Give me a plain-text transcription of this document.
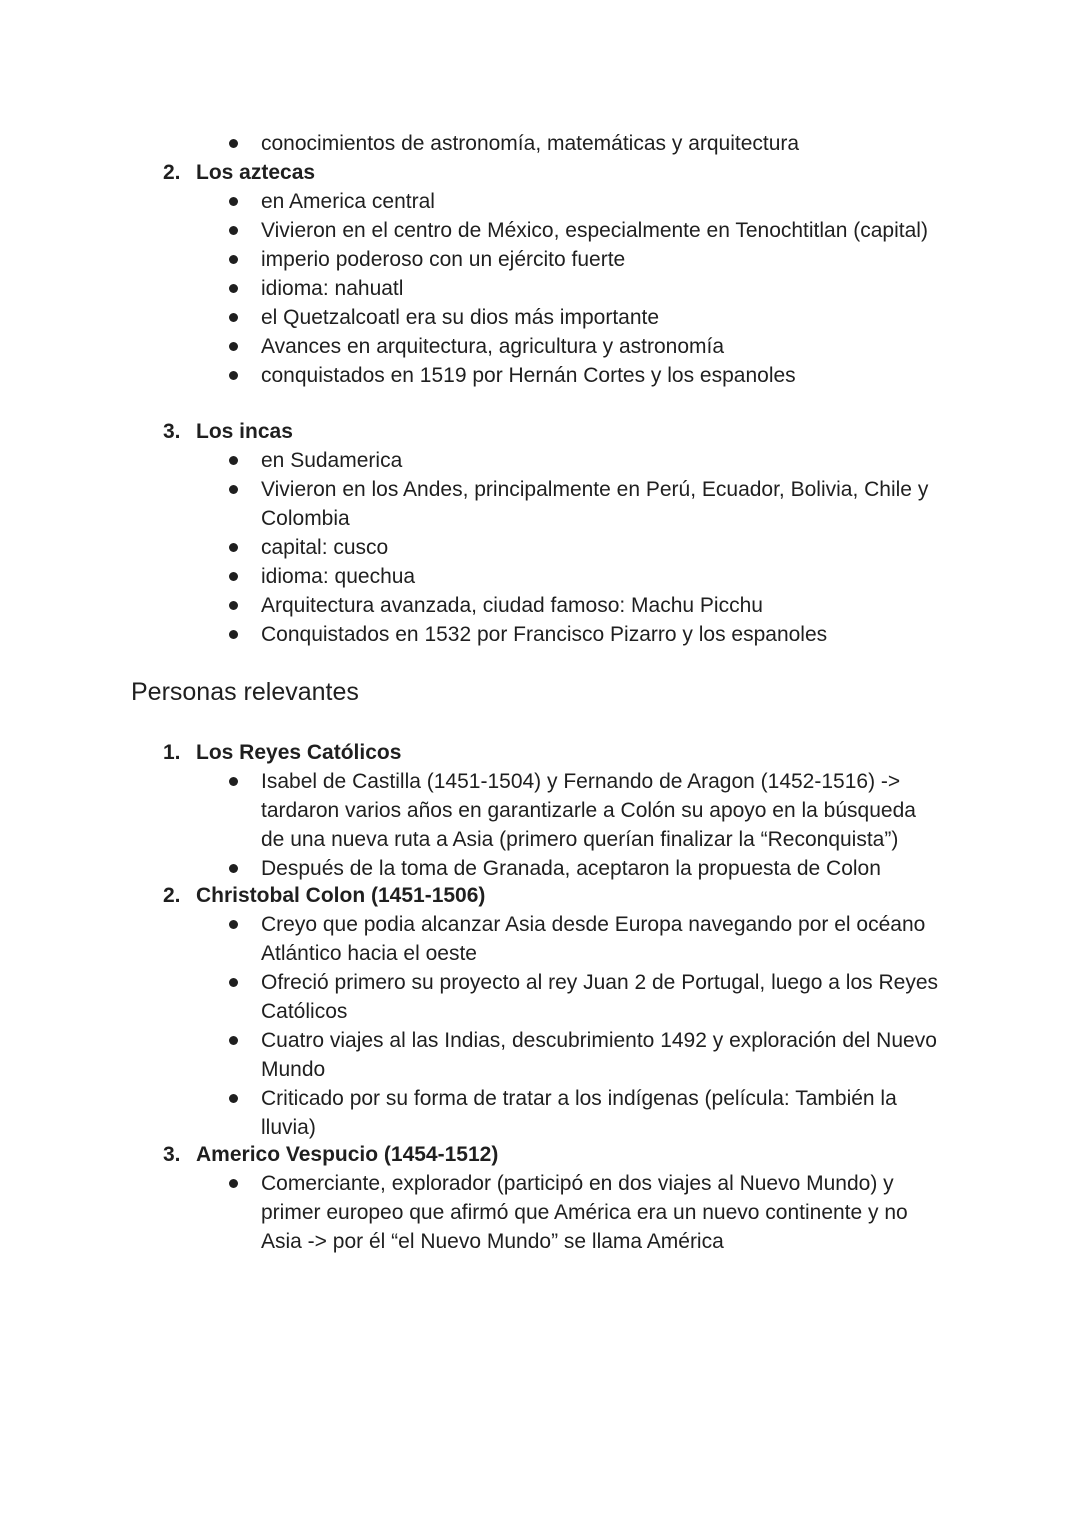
conocimientos de astronomía, matemáticas y arquitectura
2. Los aztecas
en America central
Vivieron en el centro de México, especialmente en Tenochtitlan (capital)
imperio poderoso con un ejército fuerte
idioma: nahuatl
el Quetzalcoatl era su dios más importante
Avances en arquitectura, agricultura y astronomía
conquistados en 1519 por Hernán Cortes y los espanoles
3. Los incas
en Sudamerica
Vivieron en los Andes, principalmente en Perú, Ecuador, Bolivia, Chile y Colombia
capital: cusco
idioma: quechua
Arquitectura avanzada, ciudad famoso: Machu Picchu
Conquistados en 1532 por Francisco Pizarro y los espanoles
Personas relevantes
1. Los Reyes Católicos
Isabel de Castilla (1451-1504) y Fernando de Aragon (1452-1516) -> tardaron varios años en garantizarle a Colón su apoyo en la búsqueda de una nueva ruta a Asia (primero querían finalizar la “Reconquista”)
Después de la toma de Granada, aceptaron la propuesta de Colon
2. Christobal Colon (1451-1506)
Creyo que podia alcanzar Asia desde Europa navegando por el océano Atlántico hacia el oeste
Ofreció primero su proyecto al rey Juan 2 de Portugal, luego a los Reyes Católicos
Cuatro viajes al las Indias, descubrimiento 1492 y exploración del Nuevo Mundo
Criticado por su forma de tratar a los indígenas (película: También la lluvia)
3. Americo Vespucio (1454-1512)
Comerciante, explorador (participó en dos viajes al Nuevo Mundo) y primer europeo que afirmó que América era un nuevo continente y no Asia -> por él “el Nuevo Mundo” se llama América
